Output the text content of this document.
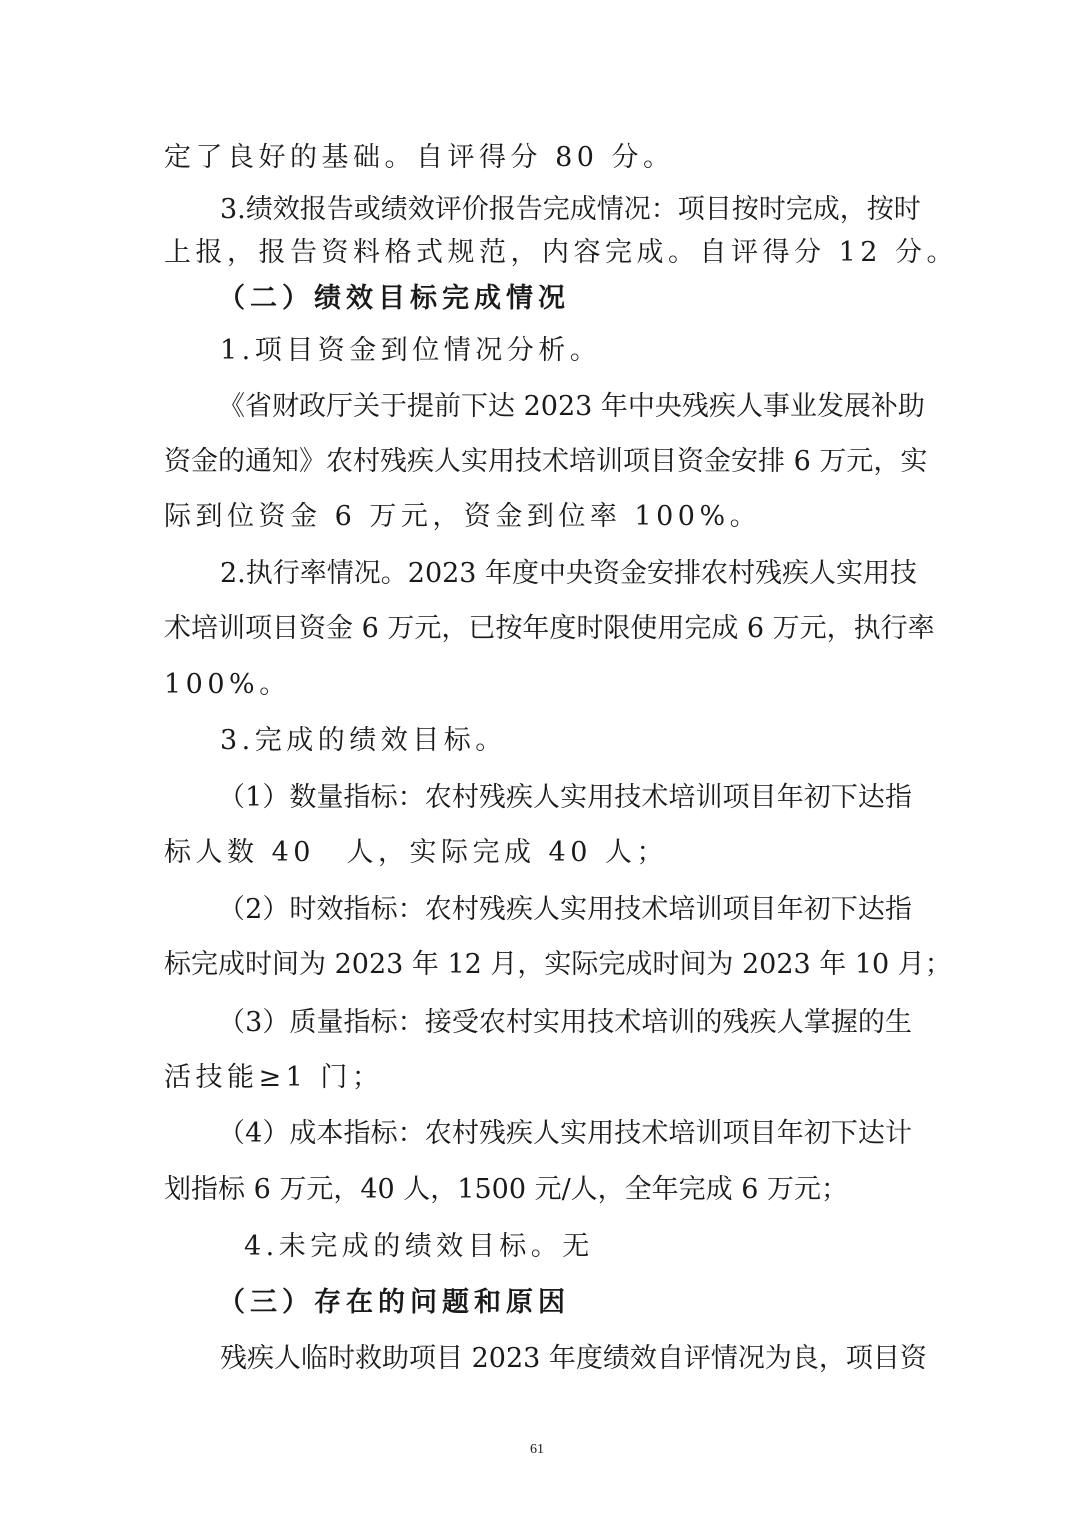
定了良好的基础。自评得分 80 分。
3.绩效报告或绩效评价报告完成情况：项目按时完成，按时
上报，报告资料格式规范，内容完成。自评得分 12 分。
（二）绩效目标完成情况
1.项目资金到位情况分析。
《省财政厅关于提前下达 2023 年中央残疾人事业发展补助
资金的通知》农村残疾人实用技术培训项目资金安排 6 万元，实
际到位资金 6 万元，资金到位率 100%。
2.执行率情况。2023 年度中央资金安排农村残疾人实用技
术培训项目资金 6 万元，已按年度时限使用完成 6 万元，执行率
100%。
3.完成的绩效目标。
（1）数量指标：农村残疾人实用技术培训项目年初下达指
标人数 40　人，实际完成 40 人；
（2）时效指标：农村残疾人实用技术培训项目年初下达指
标完成时间为 2023 年 12 月，实际完成时间为 2023 年 10 月；
（3）质量指标：接受农村实用技术培训的残疾人掌握的生
活技能≥1 门；
（4）成本指标：农村残疾人实用技术培训项目年初下达计
划指标 6 万元，40 人，1500 元/人，全年完成 6 万元；
4.未完成的绩效目标。无
（三）存在的问题和原因
残疾人临时救助项目 2023 年度绩效自评情况为良，项目资
61
